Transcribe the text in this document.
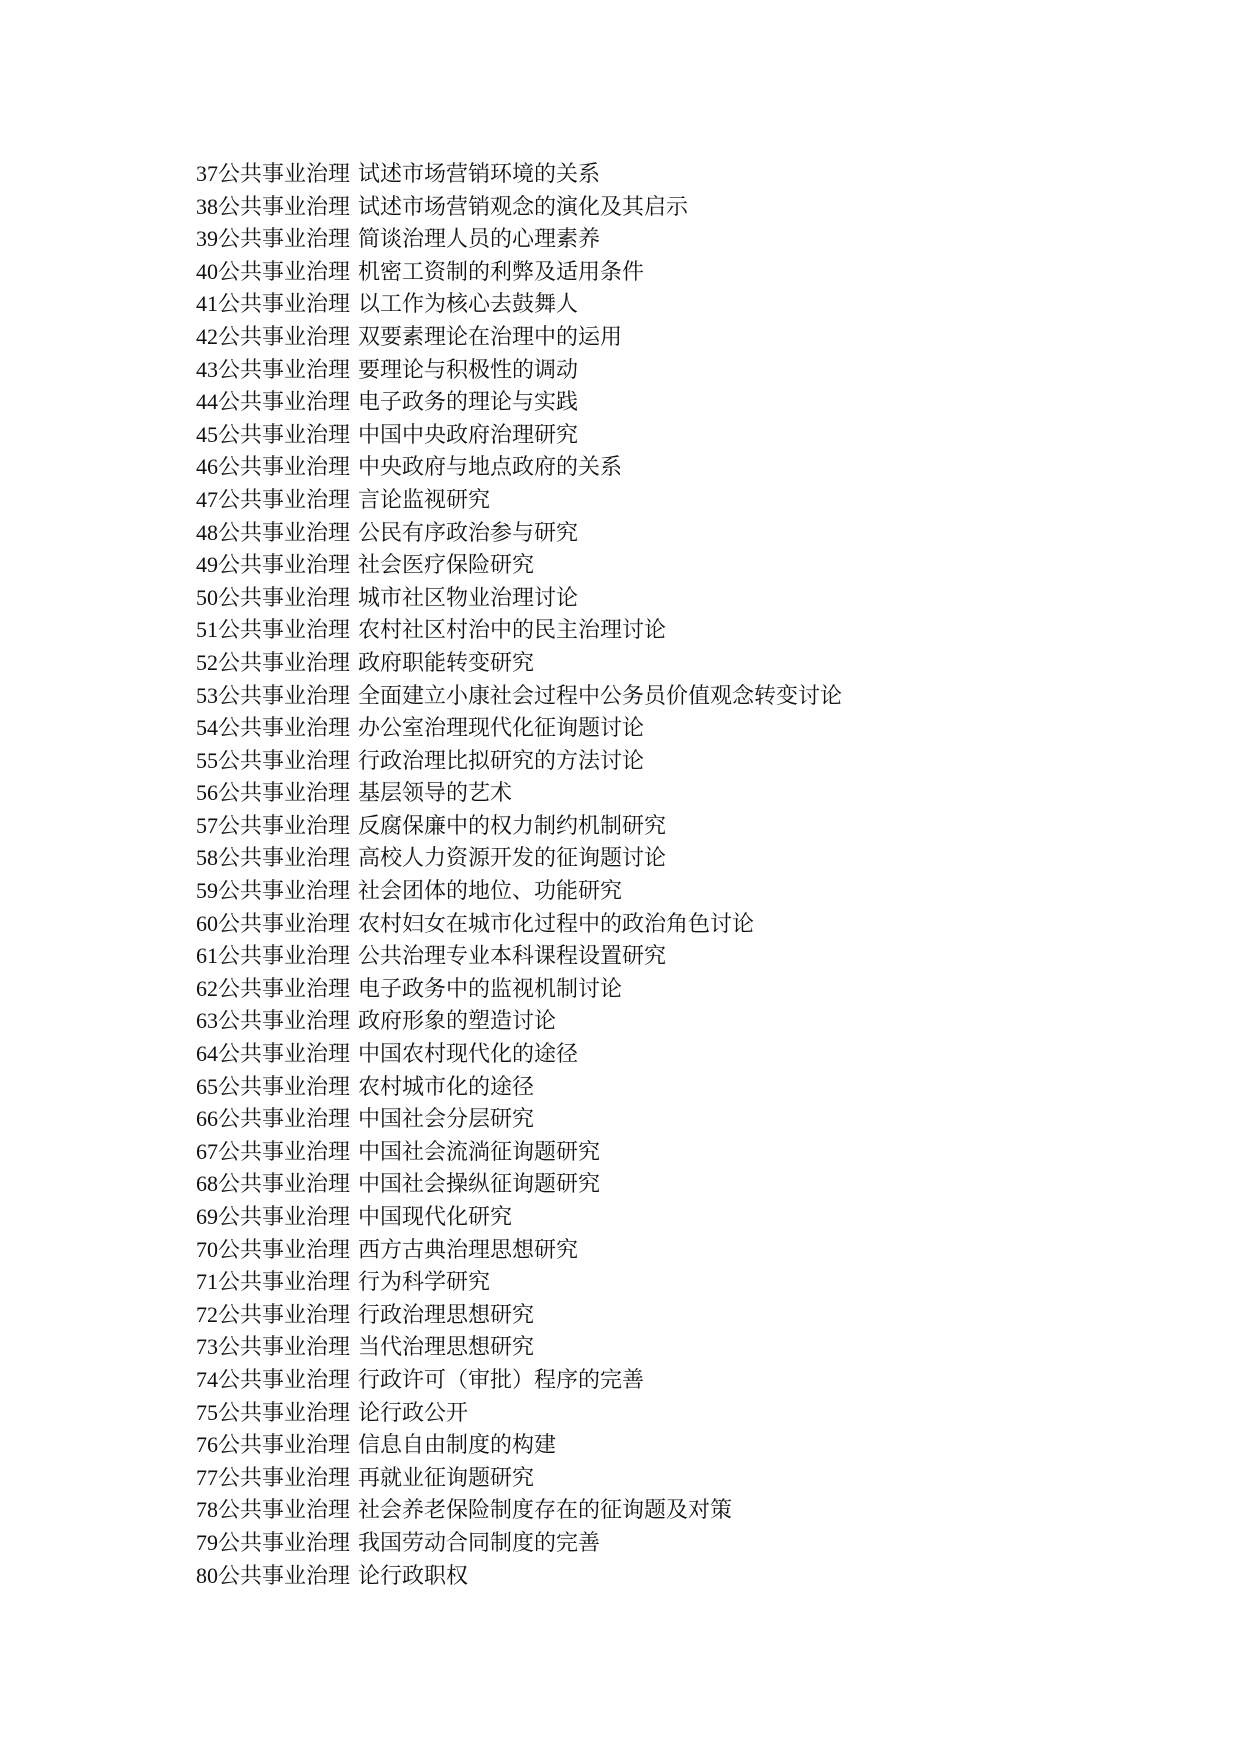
37公共事业治理 试述市场营销环境的关系
38公共事业治理 试述市场营销观念的演化及其启示
39公共事业治理 简谈治理人员的心理素养
40公共事业治理 机密工资制的利弊及适用条件
41公共事业治理 以工作为核心去鼓舞人
42公共事业治理 双要素理论在治理中的运用
43公共事业治理 要理论与积极性的调动
44公共事业治理 电子政务的理论与实践
45公共事业治理 中国中央政府治理研究
46公共事业治理 中央政府与地点政府的关系
47公共事业治理 言论监视研究
48公共事业治理 公民有序政治参与研究
49公共事业治理 社会医疗保险研究
50公共事业治理 城市社区物业治理讨论
51公共事业治理 农村社区村治中的民主治理讨论
52公共事业治理 政府职能转变研究
53公共事业治理 全面建立小康社会过程中公务员价值观念转变讨论
54公共事业治理 办公室治理现代化征询题讨论
55公共事业治理 行政治理比拟研究的方法讨论
56公共事业治理 基层领导的艺术
57公共事业治理 反腐保廉中的权力制约机制研究
58公共事业治理 高校人力资源开发的征询题讨论
59公共事业治理 社会团体的地位、功能研究
60公共事业治理 农村妇女在城市化过程中的政治角色讨论
61公共事业治理 公共治理专业本科课程设置研究
62公共事业治理 电子政务中的监视机制讨论
63公共事业治理 政府形象的塑造讨论
64公共事业治理 中国农村现代化的途径
65公共事业治理 农村城市化的途径
66公共事业治理 中国社会分层研究
67公共事业治理 中国社会流淌征询题研究
68公共事业治理 中国社会操纵征询题研究
69公共事业治理 中国现代化研究
70公共事业治理 西方古典治理思想研究
71公共事业治理 行为科学研究
72公共事业治理 行政治理思想研究
73公共事业治理 当代治理思想研究
74公共事业治理 行政许可（审批）程序的完善
75公共事业治理 论行政公开
76公共事业治理 信息自由制度的构建
77公共事业治理 再就业征询题研究
78公共事业治理 社会养老保险制度存在的征询题及对策
79公共事业治理 我国劳动合同制度的完善
80公共事业治理 论行政职权
